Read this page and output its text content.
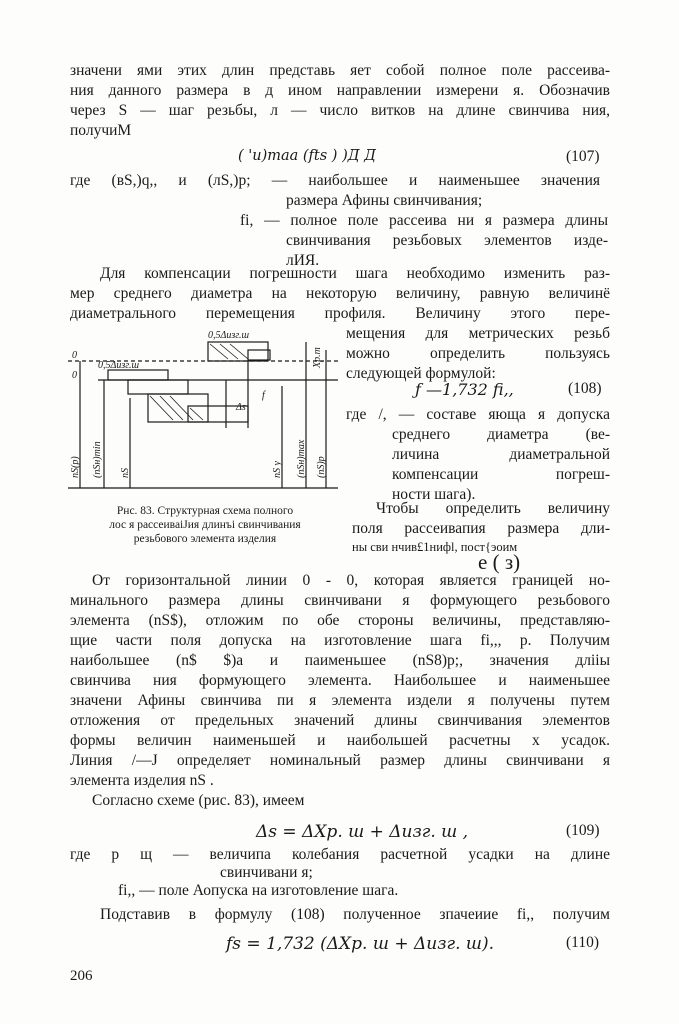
значени ями этих длин представь яет собой полное поле рассеива-
ния данного размера в д ином направлении измерени я. Обозначив
через S — шаг резьбы, л — число витков на длине свинчива ния,
получиМ
( 'u)maa (fts ) )Д Д	(107)
где (вS,)q,, и (лS,)p; — наибольшее и наименьшее значения
размера Афины свинчивания;
fi, — полное поле рассеива ни я размера длины
свинчивания резьбовых элементов изде-
лИЯ.
Для компенсации погрешности шага необходимо изменить раз-
мер среднего диаметра на некоторую величину, равную величинё
диаметрального перемещения профиля. Величину этого пере-
мещения для метрических резьб
можно определить пользуясь
следующей формулой:
ƒ —1,732 fi,,	(108)
где /, — составе яюща я допуска
среднего диаметра (ве-
личина диаметральной
компенсации погреш-
ности шага).
Чтобы определить величину
поля рассеивапия размера дли-
ны сви нчив£1нифl, пост{эоим
е ( з)
0
0
0,5Δизг.ш
0,5Δизг.ш	Xp.m
Δs
f
nS(р) (nSн)min nS	nS у (nSн)max (nS)р
Рнс. 83. Структурная схема полного
лос я рассеиваiJия длинъi свинчивания
резьбового элемента изделия
От горизонтальной линии 0 - 0, которая является границей но-
минального размера длины свинчивани я формующего резьбового
элемента (nS$), отложим по обе стороны величины, представляю-
щие части поля допуска на изготовление шага fi,,, p. Получим
наибольшее (n$ $)а и паименьшее (nS8)p;, значения длiiы
свинчива ния формующего элемента. Наибольшее и наименьшее
значени Афины свинчива пи я элемента издели я получены путем
отложения от предельных значений длины свинчивания элементов
формы величин наименьшей и наибольшей расчетны х усадок.
Линия /—J определяет номинальный размер длины свинчивани я
элемента изделия nS .
Согласно схеме (рис. 83), имеем
Δs = ΔXр. ш + Δизг. ш ,	(109)
где р щ — величипа колебания расчетной усадки на длине
свинчивани я;
fi,, — поле Аопуска на изготовление шага.
Подставив в формулу (108) полученное зпачеиие fi,, получим
fs = 1,732 (ΔXр. ш + Δизг. ш).	(110)
206
